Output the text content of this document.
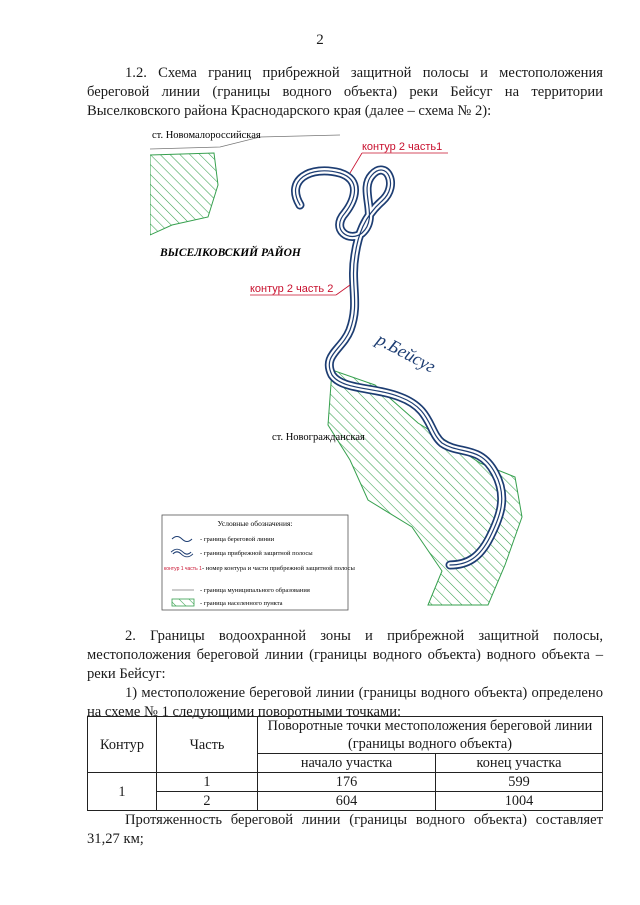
2
1.2. Схема границ прибрежной защитной полосы и местоположения береговой линии (границы водного объекта) реки Бейсуг на территории Выселковского района Краснодарского края (далее – схема № 2):
ст. Новомалороссийская
ст. Новогражданская
ВЫСЕЛКОВСКИЙ РАЙОН
контур 2 часть1
контур 2 часть 2
р.Бейсуг
Условные обозначения:
- граница береговой линии
- граница прибрежной защитной полосы
контур 1 часть 1 - номер контура и части прибрежной защитной полосы
- граница муниципального образования
- граница населенного пункта
2. Границы водоохранной зоны и прибрежной защитной полосы, местоположения береговой линии (границы водного объекта) водного объекта – реки Бейсуг:
1) местоположение береговой линии (границы водного объекта) определено на схеме № 1 следующими поворотными точками:
Контур	Часть	Поворотные точки местоположения береговой линии (границы водного объекта)	
		начало участка	конец участка
1	1	176	599
	2	604	1004
Протяженность береговой линии (границы водного объекта) составляет 31,27 км;
